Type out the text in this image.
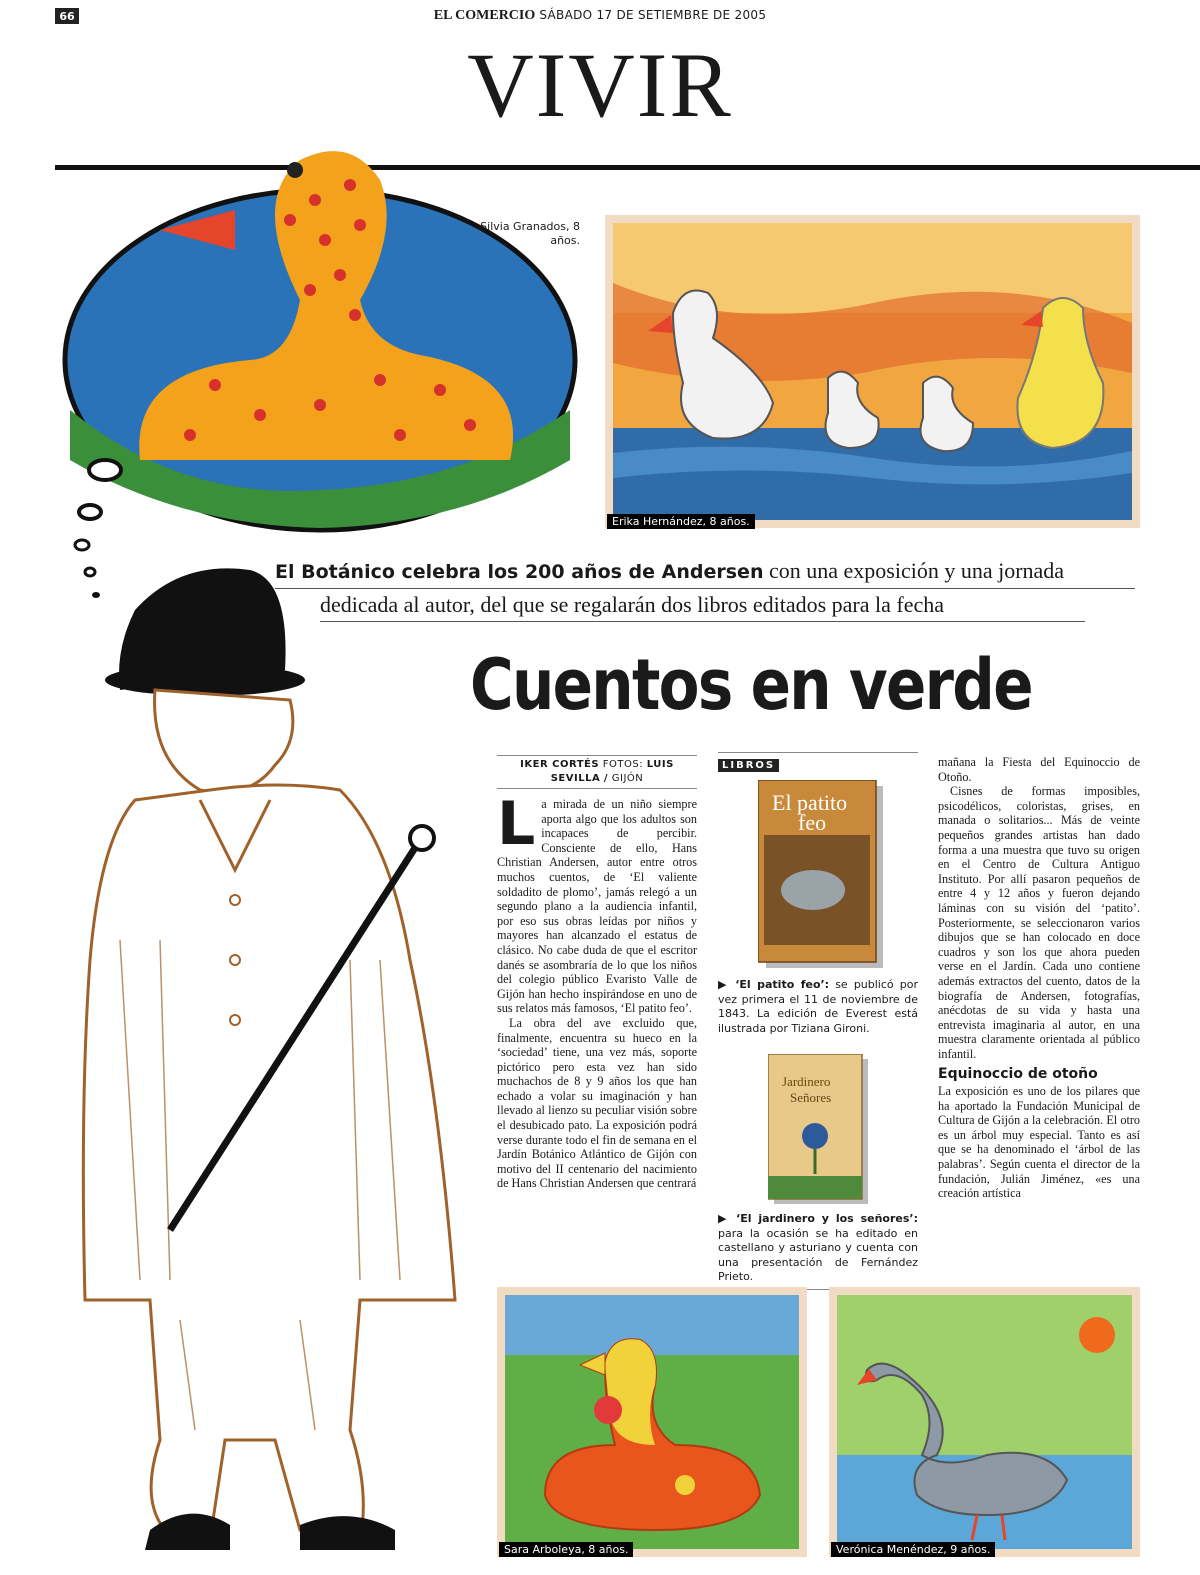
66	EL COMERCIO SÁBADO 17 DE SETIEMBRE DE 2005
VIVIR
Silvia Granados, 8 años.
Erika Hernández, 8 años.
El Botánico celebra los 200 años de Andersen con una exposición y una jornada
dedicada al autor, del que se regalarán dos libros editados para la fecha
Cuentos en verde
IKER CORTÉS FOTOS: LUIS SEVILLA / GIJÓN

La mirada de un niño siempre aporta algo que los adultos son incapaces de percibir. Consciente de ello, Hans Christian Andersen, autor entre otros muchos cuentos, de ‘El valiente soldadito de plomo’, jamás relegó a un segundo plano a la audiencia infantil, por eso sus obras leídas por niños y mayores han alcanzado el estatus de clásico. No cabe duda de que el escritor danés se asombraría de lo que los niños del colegio público Evaristo Valle de Gijón han hecho inspirándose en uno de sus relatos más famosos, ‘El patito feo’.

La obra del ave excluido que, finalmente, encuentra su hueco en la ‘sociedad’ tiene, una vez más, soporte pictórico pero esta vez han sido muchachos de 8 y 9 años los que han echado a volar su imaginación y han llevado al lienzo su peculiar visión sobre el desubicado pato. La exposición podrá verse durante todo el fin de semana en el Jardín Botánico Atlántico de Gijón con motivo del II centenario del nacimiento de Hans Christian Andersen que centrará

LIBROS
El patito
feo
▶ ‘El patito feo’: se publicó por vez primera el 11 de noviembre de 1843. La edición de Everest está ilustrada por Tiziana Gironi.
Jardinero
Señores
▶ ‘El jardinero y los señores’: para la ocasión se ha editado en castellano y asturiano y cuenta con una presentación de Fernández Prieto.

mañana la Fiesta del Equinoccio de Otoño.

Cisnes de formas imposibles, psicodélicos, coloristas, grises, en manada o solitarios... Más de veinte pequeños grandes artistas han dado forma a una muestra que tuvo su origen en el Centro de Cultura Antiguo Instituto. Por allí pasaron pequeños de entre 4 y 12 años y fueron dejando láminas con su visión del ‘patito’. Posteriormente, se seleccionaron varios dibujos que se han colocado en doce cuadros y son los que ahora pueden verse en el Jardín. Cada uno contiene además extractos del cuento, datos de la biografía de Andersen, fotografías, anécdotas de su vida y hasta una entrevista imaginaria al autor, en una muestra claramente orientada al público infantil.

Equinoccio de otoño

La exposición es uno de los pilares que ha aportado la Fundación Municipal de Cultura de Gijón a la celebración. El otro es un árbol muy especial. Tanto es así que se ha denominado el ‘árbol de las palabras’. Según cuenta el director de la fundación, Julián Jiménez, «es una creación artística

Sara Arboleya, 8 años.	Verónica Menéndez, 9 años.
